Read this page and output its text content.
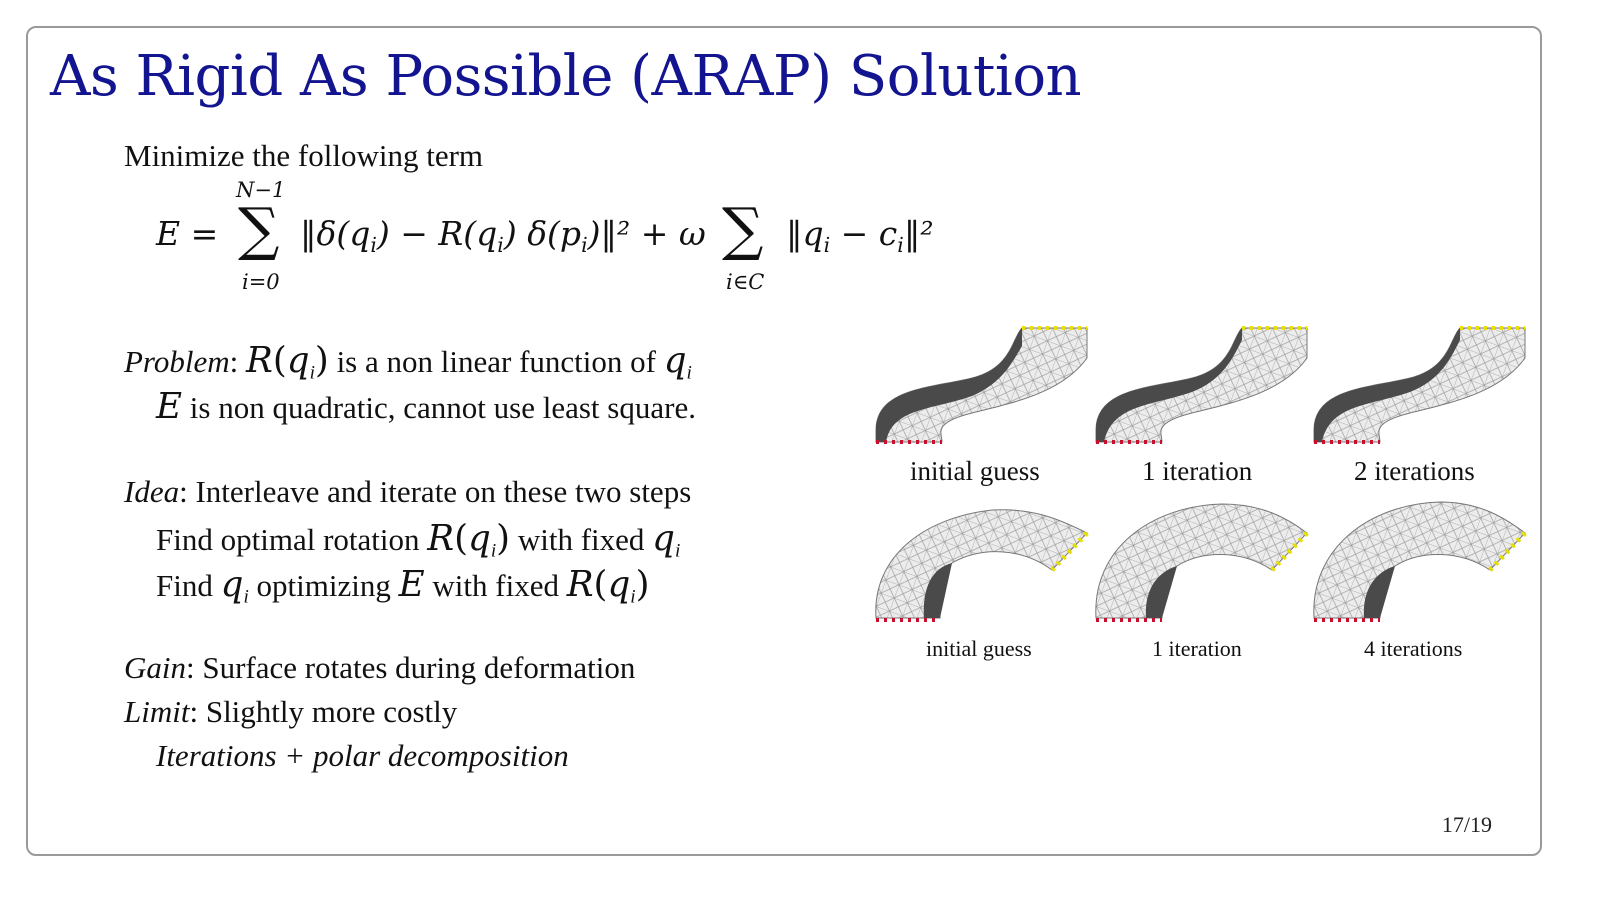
As Rigid As Possible (ARAP) Solution
Minimize the following term
E =
N−1
∑
i=0
$‖\delta(q_i) - R(q_i)$ $\delta(p_i)‖^2 + \omega$ ∑
i∈C
$‖q_i$ − $c_i‖^2$
Problem: $R(q_i)$ is a non linear function of $q_i$
E is non quadratic, cannot use least square.
Idea: Interleave and iterate on these two steps
Find optimal rotation $R(q_i)$ with fixed $q_i$
Find $q_i$ optimizing E with fixed $R(q_i)$
Gain: Surface rotates during deformation
Limit: Slightly more costly
Iterations + polar decomposition
initial guess	1 iteration	2 iterations
initial guess	1 iteration	4 iterations
17/19
